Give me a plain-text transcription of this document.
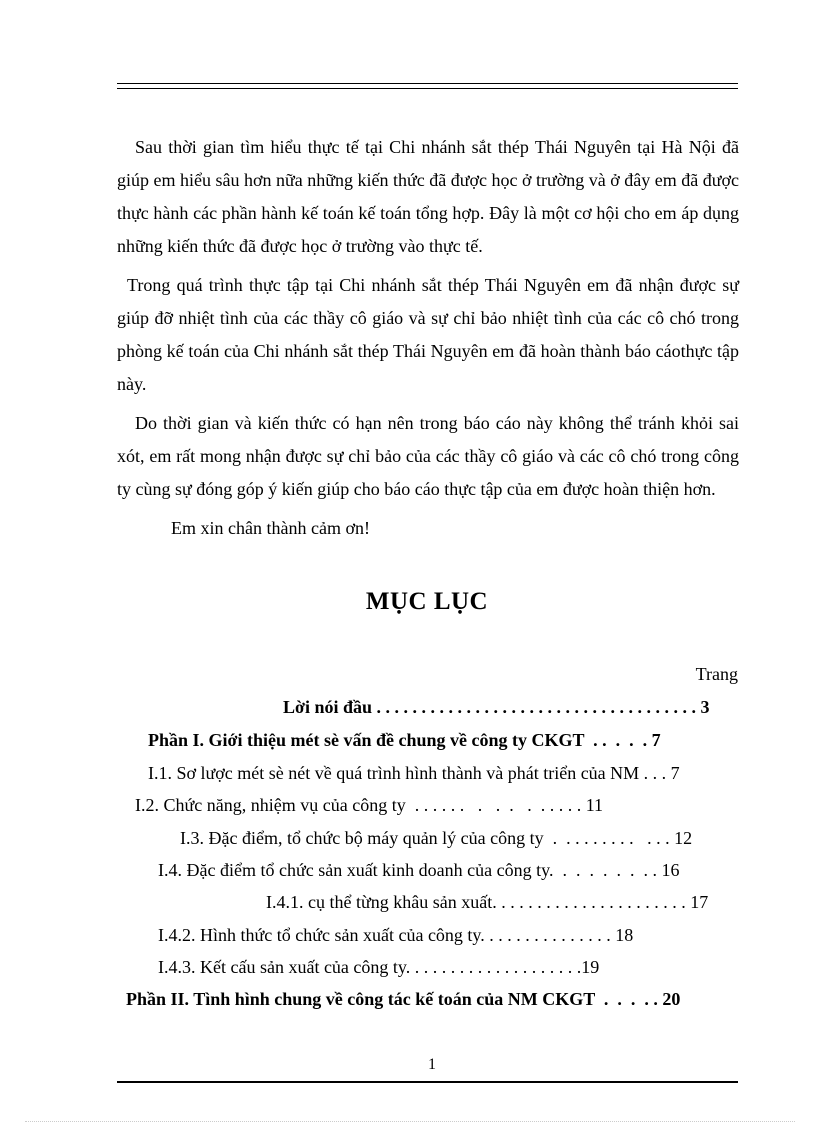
Sau thời gian tìm hiểu thực tế tại Chi nhánh sắt thép Thái Nguyên tại Hà Nội đã giúp em hiểu sâu hơn nữa những kiến thức đã được học ở trường và ở đây em đã được thực hành các phần hành kế toán kế toán tổng hợp. Đây là một cơ hội cho em áp dụng những kiến thức đã được học ở trường vào thực tế.

Trong quá trình thực tập tại Chi nhánh sắt thép Thái Nguyên em đã nhận được sự giúp đỡ nhiệt tình của các thầy cô giáo và sự chỉ bảo nhiệt tình của các cô chó trong phòng kế toán của Chi nhánh sắt thép Thái Nguyên em đã hoàn thành báo cáothực tập này.

Do thời gian và kiến thức có hạn nên trong báo cáo này không thể tránh khỏi sai xót, em rất mong nhận được sự chỉ bảo của các thầy cô giáo và các cô chó trong công ty cùng sự đóng góp ý kiến giúp cho báo cáo thực tập của em được hoàn thiện hơn.

Em xin chân thành cảm ơn!

MỤC LỤC
Trang
Lời nói đầu . . . . . . . . . . . . . . . . . . . . . . . . . . . . . . . . . . . . 3
Phần I. Giới thiệu mét sè vấn đề chung về công ty CKGT  . .  .  .  . 7
I.1. Sơ lược mét sè nét về quá trình hình thành và phát triển của NM . . . 7
I.2. Chức năng, nhiệm vụ của công ty  . . . . . .   .   .  .   .  . . . . . 11
I.3. Đặc điểm, tổ chức bộ máy quản lý của công ty  .  . . . . . . . .   . . . 12
I.4. Đặc điểm tổ chức sản xuất kinh doanh của công ty.  .  .  .  .  .  .  . . 16
I.4.1. cụ thể từng khâu sản xuất. . . . . . . . . . . . . . . . . . . . . . 17
I.4.2. Hình thức tổ chức sản xuất của công ty. . . . . . . . . . . . . . . 18
I.4.3. Kết cấu sản xuất của công ty. . . . . . . . . . . . . . . . . . . .19
Phần II. Tình hình chung về công tác kế toán của NM CKGT  .  .  .  . . 20
1
